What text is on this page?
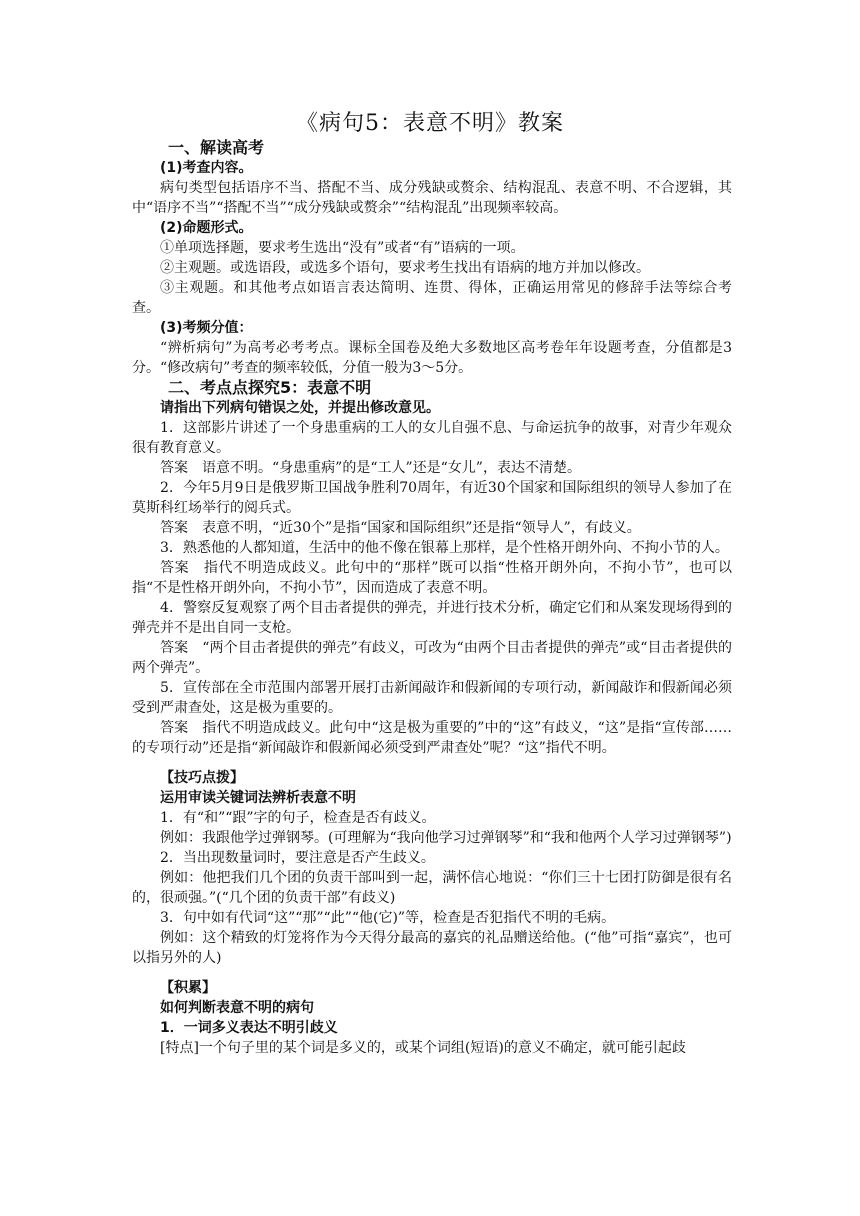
《病句5：表意不明》教案

一、解读高考

(1)考查内容。

病句类型包括语序不当、搭配不当、成分残缺或赘余、结构混乱、表意不明、不合逻辑，其中“语序不当”“搭配不当”“成分残缺或赘余”“结构混乱”出现频率较高。

(2)命题形式。

①单项选择题，要求考生选出“没有”或者“有”语病的一项。

②主观题。或选语段，或选多个语句，要求考生找出有语病的地方并加以修改。

③主观题。和其他考点如语言表达简明、连贯、得体，正确运用常见的修辞手法等综合考查。

(3)考频分值：

“辨析病句”为高考必考考点。课标全国卷及绝大多数地区高考卷年年设题考查，分值都是3分。“修改病句”考查的频率较低，分值一般为3～5分。

二、考点点探究5：表意不明

请指出下列病句错误之处，并提出修改意见。

1．这部影片讲述了一个身患重病的工人的女儿自强不息、与命运抗争的故事，对青少年观众很有教育意义。

答案　语意不明。“身患重病”的是“工人”还是“女儿”，表达不清楚。

2．今年5月9日是俄罗斯卫国战争胜利70周年，有近30个国家和国际组织的领导人参加了在莫斯科红场举行的阅兵式。

答案　表意不明，“近30个”是指“国家和国际组织”还是指“领导人”，有歧义。

3．熟悉他的人都知道，生活中的他不像在银幕上那样，是个性格开朗外向、不拘小节的人。

答案　指代不明造成歧义。此句中的“那样”既可以指“性格开朗外向，不拘小节”，也可以指“不是性格开朗外向，不拘小节”，因而造成了表意不明。

4．警察反复观察了两个目击者提供的弹壳，并进行技术分析，确定它们和从案发现场得到的弹壳并不是出自同一支枪。

答案　“两个目击者提供的弹壳”有歧义，可改为“由两个目击者提供的弹壳”或“目击者提供的两个弹壳”。

5．宣传部在全市范围内部署开展打击新闻敲诈和假新闻的专项行动，新闻敲诈和假新闻必须受到严肃查处，这是极为重要的。

答案　指代不明造成歧义。此句中“这是极为重要的”中的“这”有歧义，“这”是指“宣传部……的专项行动”还是指“新闻敲诈和假新闻必须受到严肃查处”呢？“这”指代不明。

【技巧点拨】

运用审读关键词法辨析表意不明

1．有“和”“跟”字的句子，检查是否有歧义。

例如：我跟他学过弹钢琴。(可理解为“我向他学习过弹钢琴”和“我和他两个人学习过弹钢琴”)

2．当出现数量词时，要注意是否产生歧义。

例如：他把我们几个团的负责干部叫到一起，满怀信心地说：“你们三十七团打防御是很有名的，很顽强。”(“几个团的负责干部”有歧义)

3．句中如有代词“这”“那”“此”“他(它)”等，检查是否犯指代不明的毛病。

例如：这个精致的灯笼将作为今天得分最高的嘉宾的礼品赠送给他。(“他”可指“嘉宾”，也可以指另外的人)

【积累】

如何判断表意不明的病句

1．一词多义表达不明引歧义

[特点]一个句子里的某个词是多义的，或某个词组(短语)的意义不确定，就可能引起歧
